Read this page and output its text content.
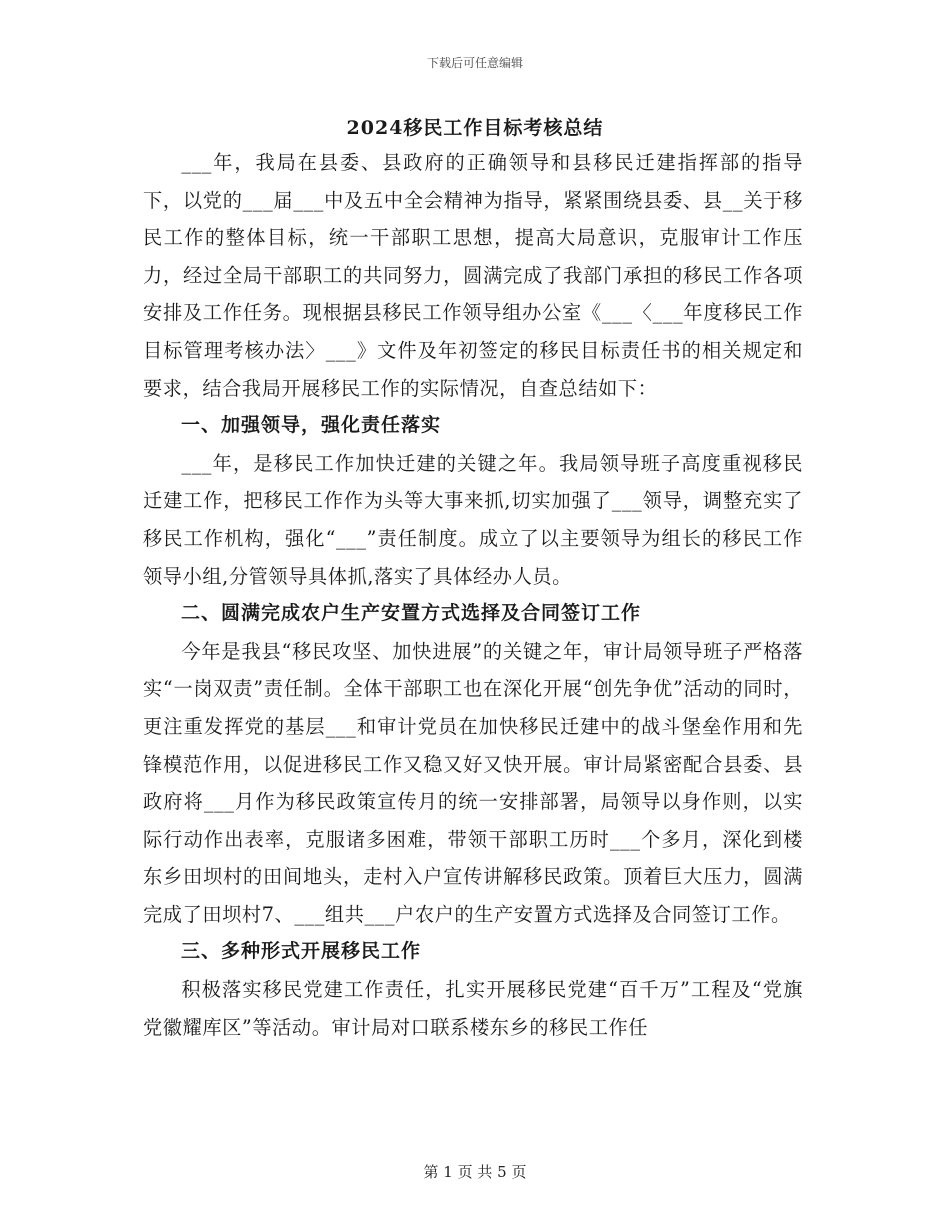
下载后可任意编辑
2024移民工作目标考核总结

___年，我局在县委、县政府的正确领导和县移民迁建指挥部的指导下，以党的___届___中及五中全会精神为指导，紧紧围绕县委、县__关于移民工作的整体目标，统一干部职工思想，提高大局意识，克服审计工作压力，经过全局干部职工的共同努力，圆满完成了我部门承担的移民工作各项安排及工作任务。现根据县移民工作领导组办公室《___〈___年度移民工作目标管理考核办法〉___》文件及年初签定的移民目标责任书的相关规定和要求，结合我局开展移民工作的实际情况，自查总结如下：

一、加强领导，强化责任落实

___年，是移民工作加快迁建的关键之年。我局领导班子高度重视移民迁建工作，把移民工作作为头等大事来抓,切实加强了___领导，调整充实了移民工作机构，强化“___”责任制度。成立了以主要领导为组长的移民工作领导小组,分管领导具体抓,落实了具体经办人员。

二、圆满完成农户生产安置方式选择及合同签订工作

今年是我县“移民攻坚、加快进展”的关键之年，审计局领导班子严格落实“一岗双责”责任制。全体干部职工也在深化开展“创先争优”活动的同时，更注重发挥党的基层___和审计党员在加快移民迁建中的战斗堡垒作用和先锋模范作用，以促进移民工作又稳又好又快开展。审计局紧密配合县委、县政府将___月作为移民政策宣传月的统一安排部署，局领导以身作则，以实际行动作出表率，克服诸多困难，带领干部职工历时___个多月，深化到楼东乡田坝村的田间地头，走村入户宣传讲解移民政策。顶着巨大压力，圆满完成了田坝村7、___组共___户农户的生产安置方式选择及合同签订工作。

三、多种形式开展移民工作

积极落实移民党建工作责任，扎实开展移民党建“百千万”工程及“党旗党徽耀库区”等活动。审计局对口联系楼东乡的移民工作任

第 1 页 共 5 页
